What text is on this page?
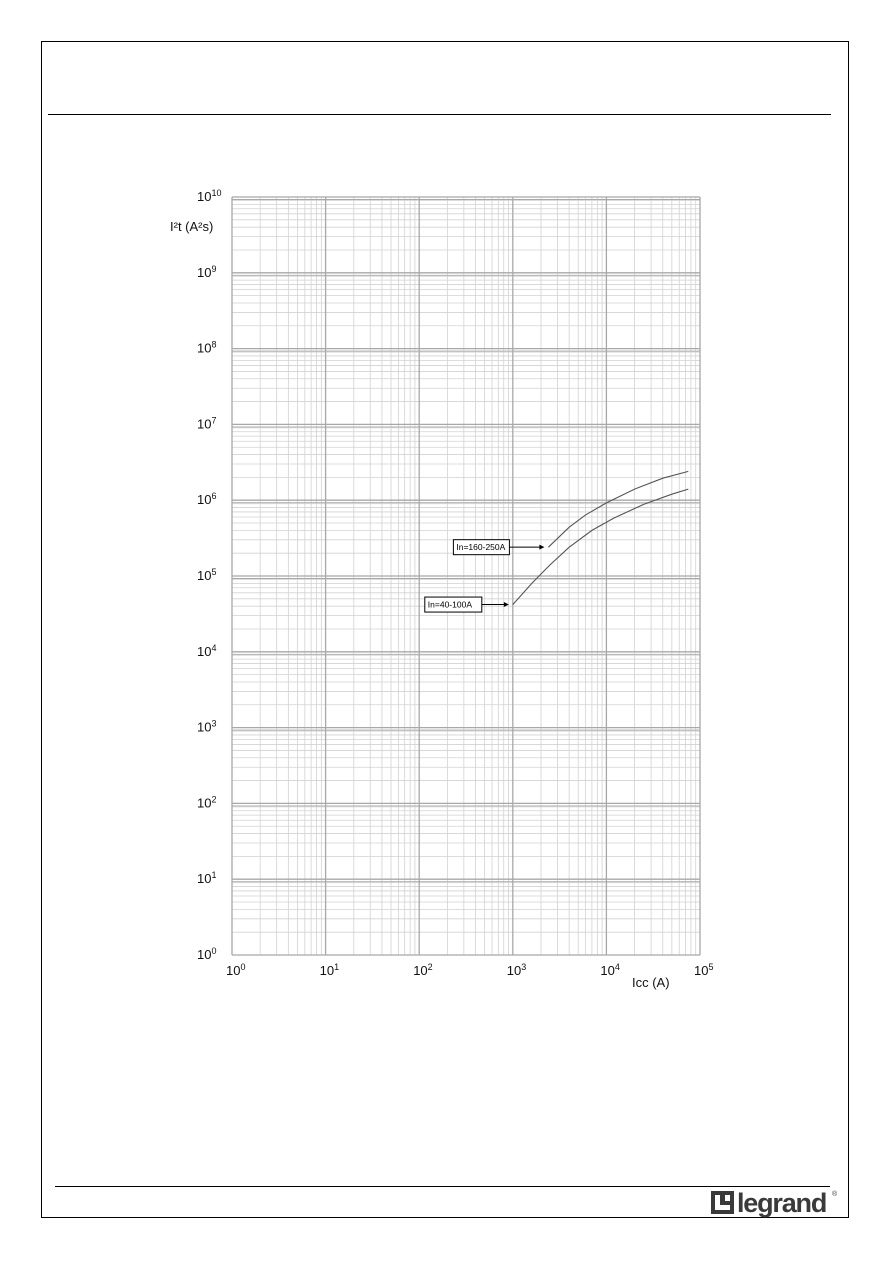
$10^0$	$10^1$	$10^2$	$10^3$	$10^4$	$10^5$
$10^0$
$10^1$
$10^2$
$10^3$
$10^4$
$10^5$
$10^6$
$10^7$
$10^8$
$10^9$
$10^{10}$
In=160-250A
In=40-100A
Icc (A)
I²t (A²s)
legrand ®
